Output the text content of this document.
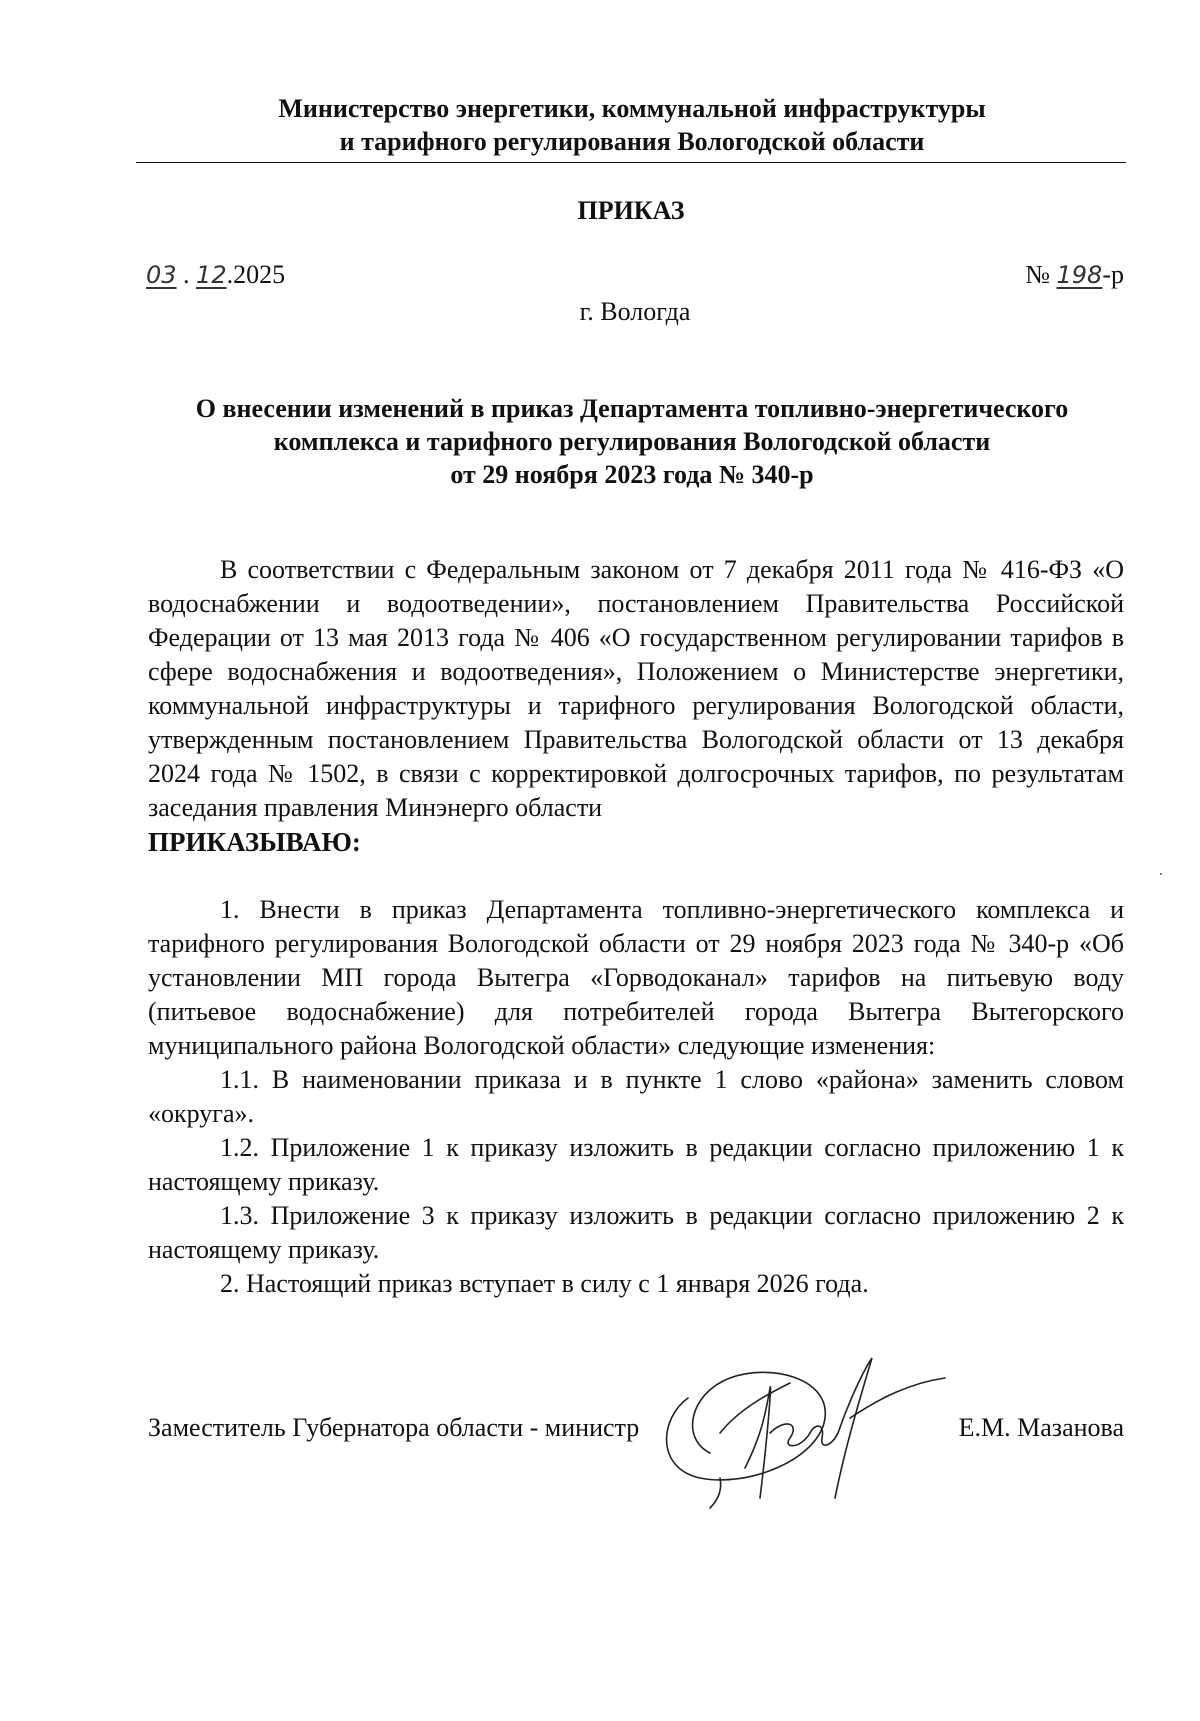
Министерство энергетики, коммунальной инфраструктуры
и тарифного регулирования Вологодской области
ПРИКАЗ
03 . 12.2025	№ 198-р
г. Вологда
О внесении изменений в приказ Департамента топливно-энергетического
комплекса и тарифного регулирования Вологодской области
от 29 ноября 2023 года № 340-р

В соответствии с Федеральным законом от 7 декабря 2011 года № 416-ФЗ «О водоснабжении и водоотведении», постановлением Правительства Российской Федерации от 13 мая 2013 года № 406 «О государственном регулировании тарифов в сфере водоснабжения и водоотведения», Положением о Министерстве энергетики, коммунальной инфраструктуры и тарифного регулирования Вологодской области, утвержденным постановлением Правительства Вологодской области от 13 декабря 2024 года № 1502, в связи с корректировкой долгосрочных тарифов, по результатам заседания правления Минэнерго области

ПРИКАЗЫВАЮ:

1. Внести в приказ Департамента топливно-энергетического комплекса и тарифного регулирования Вологодской области от 29 ноября 2023 года № 340-р «Об установлении МП города Вытегра «Горводоканал» тарифов на питьевую воду (питьевое водоснабжение) для потребителей города Вытегра Вытегорского муниципального района Вологодской области» следующие изменения:

1.1. В наименовании приказа и в пункте 1 слово «района» заменить словом «округа».

1.2. Приложение 1 к приказу изложить в редакции согласно приложению 1 к настоящему приказу.

1.3. Приложение 3 к приказу изложить в редакции согласно приложению 2 к настоящему приказу.

2. Настоящий приказ вступает в силу с 1 января 2026 года.

Заместитель Губернатора области - министр	Е.М. Мазанова
